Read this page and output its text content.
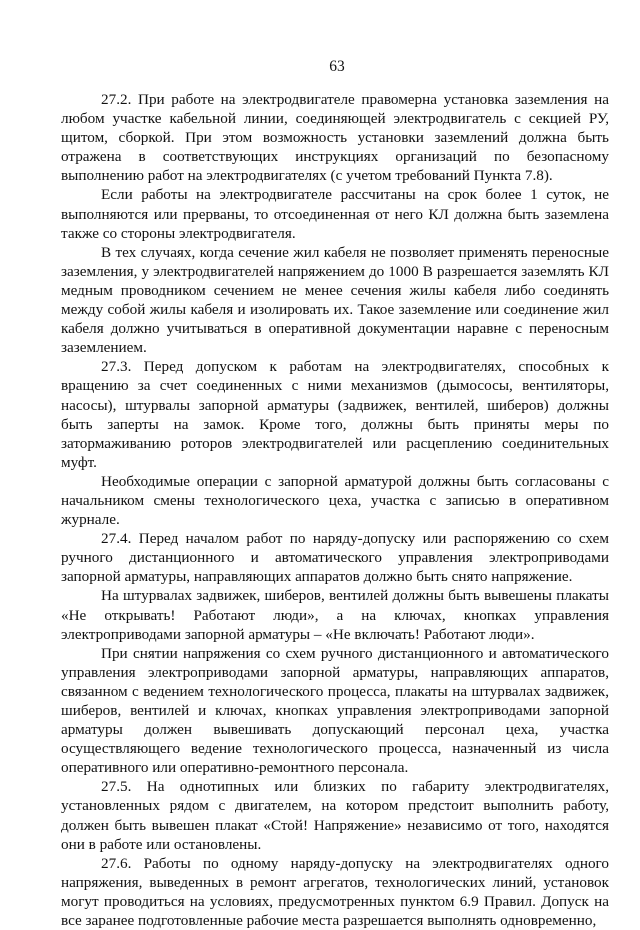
63

27.2. При работе на электродвигателе правомерна установка заземления на любом участке кабельной линии, соединяющей электродвигатель с секцией РУ, щитом, сборкой. При этом возможность установки заземлений должна быть отражена в соответствующих инструкциях организаций по безопасному выполнению работ на электродвигателях (с учетом требований Пункта 7.8).

Если работы на электродвигателе рассчитаны на срок более 1 суток, не выполняются или прерваны, то отсоединенная от него КЛ должна быть заземлена также со стороны электродвигателя.

В тех случаях, когда сечение жил кабеля не позволяет применять переносные заземления, у электродвигателей напряжением до 1000 В разрешается заземлять КЛ медным проводником сечением не менее сечения жилы кабеля либо соединять между собой жилы кабеля и изолировать их. Такое заземление или соединение жил кабеля должно учитываться в оперативной документации наравне с переносным заземлением.

27.3. Перед допуском к работам на электродвигателях, способных к вращению за счет соединенных с ними механизмов (дымососы, вентиляторы, насосы), штурвалы запорной арматуры (задвижек, вентилей, шиберов) должны быть заперты на замок. Кроме того, должны быть приняты меры по затормаживанию роторов электродвигателей или расцеплению соединительных муфт.

Необходимые операции с запорной арматурой должны быть согласованы с начальником смены технологического цеха, участка с записью в оперативном журнале.

27.4. Перед началом работ по наряду-допуску или распоряжению со схем ручного дистанционного и автоматического управления электроприводами запорной арматуры, направляющих аппаратов должно быть снято напряжение.

На штурвалах задвижек, шиберов, вентилей должны быть вывешены плакаты «Не открывать! Работают люди», а на ключах, кнопках управления электроприводами запорной арматуры – «Не включать! Работают люди».

При снятии напряжения со схем ручного дистанционного и автоматического управления электроприводами запорной арматуры, направляющих аппаратов, связанном с ведением технологического процесса, плакаты на штурвалах задвижек, шиберов, вентилей и ключах, кнопках управления электроприводами запорной арматуры должен вывешивать допускающий персонал цеха, участка осуществляющего ведение технологического процесса, назначенный из числа оперативного или оперативно-ремонтного персонала.

27.5. На однотипных или близких по габариту электродвигателях, установленных рядом с двигателем, на котором предстоит выполнить работу, должен быть вывешен плакат «Стой! Напряжение» независимо от того, находятся они в работе или остановлены.

27.6. Работы по одному наряду-допуску на электродвигателях одного напряжения, выведенных в ремонт агрегатов, технологических линий, установок могут проводиться на условиях, предусмотренных пунктом 6.9 Правил. Допуск на все заранее подготовленные рабочие места разрешается выполнять одновременно,
